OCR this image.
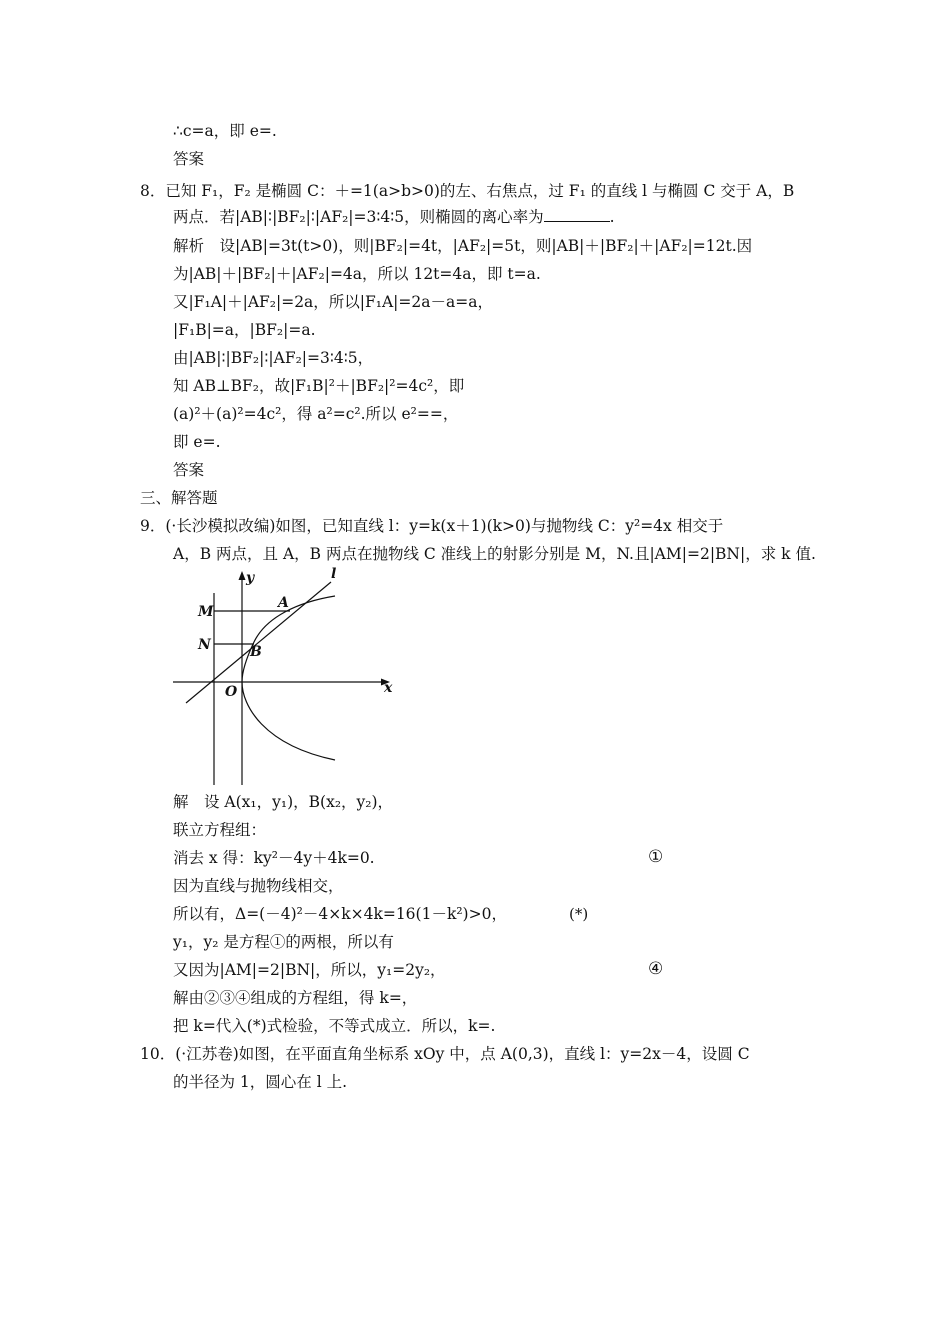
∴c=a，即 e=.
答案
8．已知 F₁，F₂ 是椭圆 C：＋=1(a>b>0)的左、右焦点，过 F₁ 的直线 l 与椭圆 C 交于 A，B
两点．若|AB|∶|BF₂|∶|AF₂|=3∶4∶5，则椭圆的离心率为	.
解析　设|AB|=3t(t>0)，则|BF₂|=4t，|AF₂|=5t，则|AB|＋|BF₂|＋|AF₂|=12t.因
为|AB|＋|BF₂|＋|AF₂|=4a，所以 12t=4a，即 t=a.
又|F₁A|＋|AF₂|=2a，所以|F₁A|=2a－a=a，
|F₁B|=a，|BF₂|=a.
由|AB|∶|BF₂|∶|AF₂|=3∶4∶5，
知 AB⊥BF₂，故|F₁B|²＋|BF₂|²=4c²，即
(a)²＋(a)²=4c²，得 a²=c².所以 e²==，
即 e=.
答案
三、解答题
9．(·长沙模拟改编)如图，已知直线 l：y=k(x＋1)(k>0)与抛物线 C：y²=4x 相交于
A，B 两点，且 A，B 两点在抛物线 C 准线上的射影分别是 M，N.且|AM|=2|BN|，求 k 值.
y
x
l
A
M
N	B
O
解　设 A(x₁，y₁)，B(x₂，y₂)，
联立方程组：
消去 x 得：ky²－4y＋4k=0.	①
因为直线与抛物线相交，
所以有，Δ=(－4)²－4×k×4k=16(1－k²)>0，	(*)
y₁，y₂ 是方程①的两根，所以有
又因为|AM|=2|BN|，所以，y₁=2y₂，	④
解由②③④组成的方程组，得 k=，
把 k=代入(*)式检验，不等式成立．所以，k=.
10．(·江苏卷)如图，在平面直角坐标系 xOy 中，点 A(0,3)，直线 l：y=2x－4，设圆 C
的半径为 1，圆心在 l 上.
